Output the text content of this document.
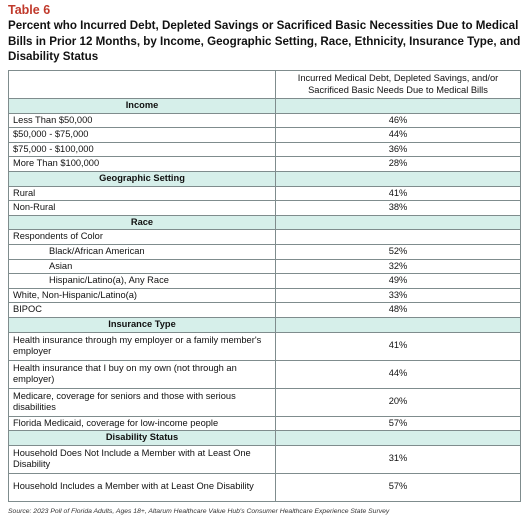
Table 6
Percent who Incurred Debt, Depleted Savings or Sacrificed Basic Necessities Due to Medical Bills in Prior 12 Months, by Income, Geographic Setting, Race, Ethnicity, Insurance Type, and Disability Status
	Incurred Medical Debt, Depleted Savings, and/or Sacrificed Basic Needs Due to Medical Bills
Income	
Less Than $50,000	46%
$50,000 - $75,000	44%
$75,000 - $100,000	36%
More Than $100,000	28%
Geographic Setting	
Rural	41%
Non-Rural	38%
Race	
Respondents of Color	
Black/African American	52%
Asian	32%
Hispanic/Latino(a), Any Race	49%
White, Non-Hispanic/Latino(a)	33%
BIPOC	48%
Insurance Type	
Health insurance through my employer or a family member's employer	41%
Health insurance that I buy on my own (not through an employer)	44%
Medicare, coverage for seniors and those with serious disabilities	20%
Florida Medicaid, coverage for low-income people	57%
Disability Status	
Household Does Not Include a Member with at Least One Disability	31%
Household Includes a Member with at Least One Disability	57%
Source: 2023 Poll of Florida Adults, Ages 18+, Altarum Healthcare Value Hub's Consumer Healthcare Experience State Survey
